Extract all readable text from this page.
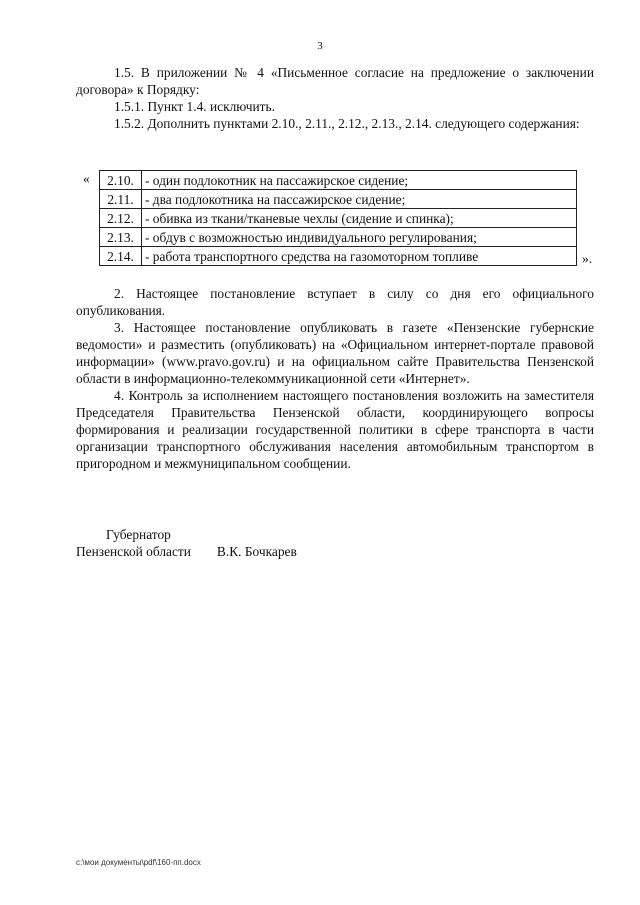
3

1.5. В приложении № 4 «Письменное согласие на предложение о заключении договора» к Порядку:

1.5.1. Пункт 1.4. исключить.

1.5.2. Дополнить пунктами 2.10., 2.11., 2.12., 2.13., 2.14. следующего содержания:

« 2.10.	- один подлокотник на пассажирское сидение;
2.11.	- два подлокотника на пассажирское сидение;
2.12.	- обивка из ткани/тканевые чехлы (сидение и спинка);
2.13.	- обдув с возможностью индивидуального регулирования;
2.14.	- работа транспортного средства на газомоторном топливе	».

2. Настоящее постановление вступает в силу со дня его официального опубликования.

3. Настоящее постановление опубликовать в газете «Пензенские губернские ведомости» и разместить (опубликовать) на «Официальном интернет-портале правовой информации» (www.pravo.gov.ru) и на официальном сайте Правительства Пензенской области в информационно-телекоммуникационной сети «Интернет».

4. Контроль за исполнением настоящего постановления возложить на заместителя Председателя Правительства Пензенской области, координирующего вопросы формирования и реализации государственной политики в сфере транспорта в части организации транспортного обслуживания населения автомобильным транспортом в пригородном и межмуниципальном сообщении.

Губернатор
Пензенской области В.К. Бочкарев
c:\мои документы\pdf\160-пп.docx
